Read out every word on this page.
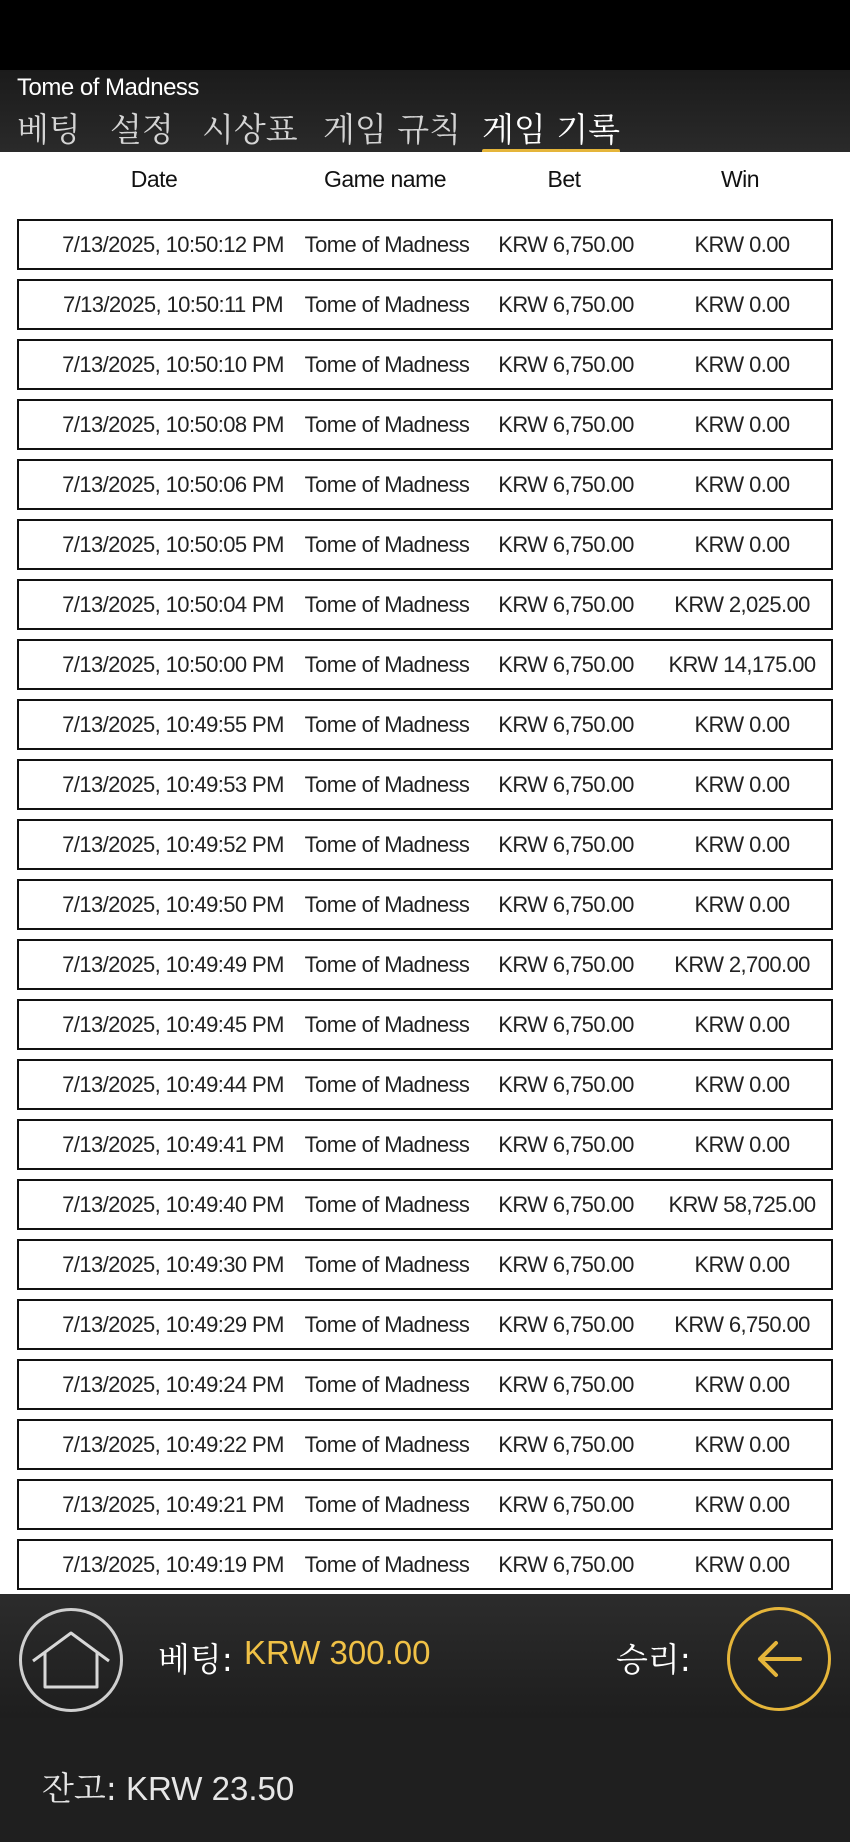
Tome of Madness
베팅 설정 시상표 게임 규칙 게임 기록
Date	Game name	Bet	Win
7/13/2025, 10:50:12 PM Tome of Madness KRW 6,750.00	KRW 0.00
7/13/2025, 10:50:11 PM Tome of Madness KRW 6,750.00	KRW 0.00
7/13/2025, 10:50:10 PM Tome of Madness KRW 6,750.00	KRW 0.00
7/13/2025, 10:50:08 PM Tome of Madness KRW 6,750.00	KRW 0.00
7/13/2025, 10:50:06 PM Tome of Madness KRW 6,750.00	KRW 0.00
7/13/2025, 10:50:05 PM Tome of Madness KRW 6,750.00	KRW 0.00
7/13/2025, 10:50:04 PM Tome of Madness KRW 6,750.00 KRW 2,025.00
7/13/2025, 10:50:00 PM Tome of Madness KRW 6,750.00 KRW 14,175.00
7/13/2025, 10:49:55 PM Tome of Madness KRW 6,750.00	KRW 0.00
7/13/2025, 10:49:53 PM Tome of Madness KRW 6,750.00	KRW 0.00
7/13/2025, 10:49:52 PM Tome of Madness KRW 6,750.00	KRW 0.00
7/13/2025, 10:49:50 PM Tome of Madness KRW 6,750.00	KRW 0.00
7/13/2025, 10:49:49 PM Tome of Madness KRW 6,750.00 KRW 2,700.00
7/13/2025, 10:49:45 PM Tome of Madness KRW 6,750.00	KRW 0.00
7/13/2025, 10:49:44 PM Tome of Madness KRW 6,750.00	KRW 0.00
7/13/2025, 10:49:41 PM Tome of Madness KRW 6,750.00	KRW 0.00
7/13/2025, 10:49:40 PM Tome of Madness KRW 6,750.00 KRW 58,725.00
7/13/2025, 10:49:30 PM Tome of Madness KRW 6,750.00	KRW 0.00
7/13/2025, 10:49:29 PM Tome of Madness KRW 6,750.00 KRW 6,750.00
7/13/2025, 10:49:24 PM Tome of Madness KRW 6,750.00	KRW 0.00
7/13/2025, 10:49:22 PM Tome of Madness KRW 6,750.00	KRW 0.00
7/13/2025, 10:49:21 PM Tome of Madness KRW 6,750.00	KRW 0.00
7/13/2025, 10:49:19 PM Tome of Madness KRW 6,750.00	KRW 0.00
베팅: KRW 300.00	승리:
잔고: KRW 23.50
